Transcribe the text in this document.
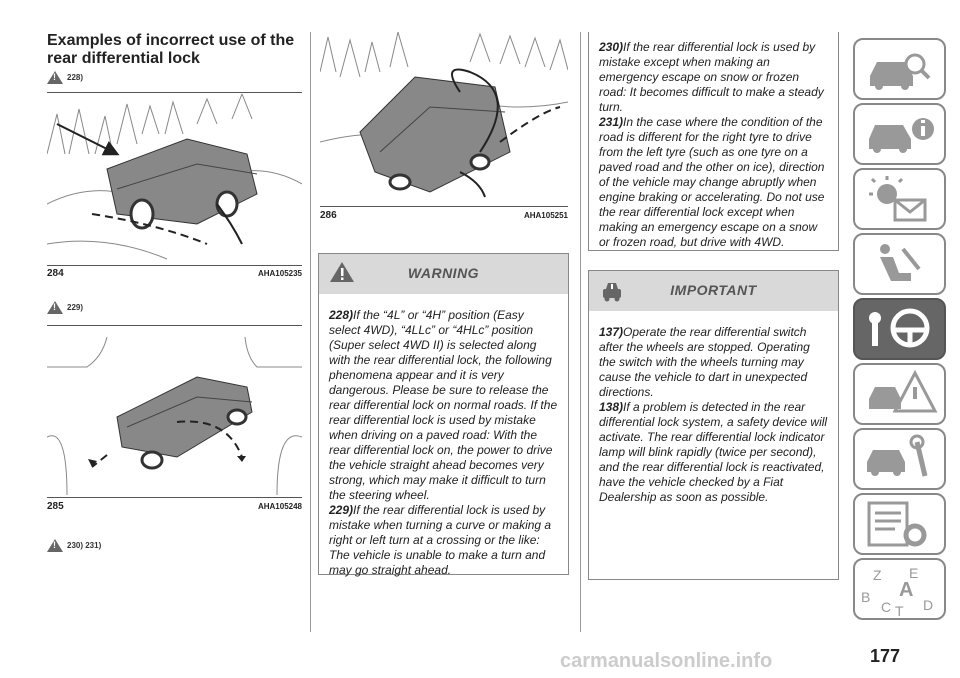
Examples of incorrect use of the rear differential lock
!
228)
284	AHA105235
!
229)
285	AHA105248
!
230) 231)
286	AHA105251
WARNING

228)If the “4L” or “4H” position (Easy select 4WD), “4LLc” or “4HLc” position (Super select 4WD II) is selected along with the rear differential lock, the following phenomena appear and it is very dangerous. Please be sure to release the rear differential lock on normal roads. If the rear differential lock is used by mistake when driving on a paved road: With the rear differential lock on, the power to drive the vehicle straight ahead becomes very strong, which may make it difficult to turn the steering wheel.

229)If the rear differential lock is used by mistake when turning a curve or making a right or left turn at a crossing or the like: The vehicle is unable to make a turn and may go straight ahead.

230)If the rear differential lock is used by mistake except when making an emergency escape on snow or frozen road: It becomes difficult to make a steady turn.

231)In the case where the condition of the road is different for the right tyre to drive from the left tyre (such as one tyre on a paved road and the other on ice), direction of the vehicle may change abruptly when engine braking or accelerating. Do not use the rear differential lock except when making an emergency escape on a snow or frozen road, but drive with 4WD.

IMPORTANT

137)Operate the rear differential switch after the wheels are stopped. Operating the switch with the wheels turning may cause the vehicle to dart in unexpected directions.

138)If a problem is detected in the rear differential lock system, a safety device will activate. The rear differential lock indicator lamp will blink rapidly (twice per second), and the rear differential lock is reactivated, have the vehicle checked by a Fiat Dealership as soon as possible.

Z E
A
B
C T D
carmanualsonline.info	177
